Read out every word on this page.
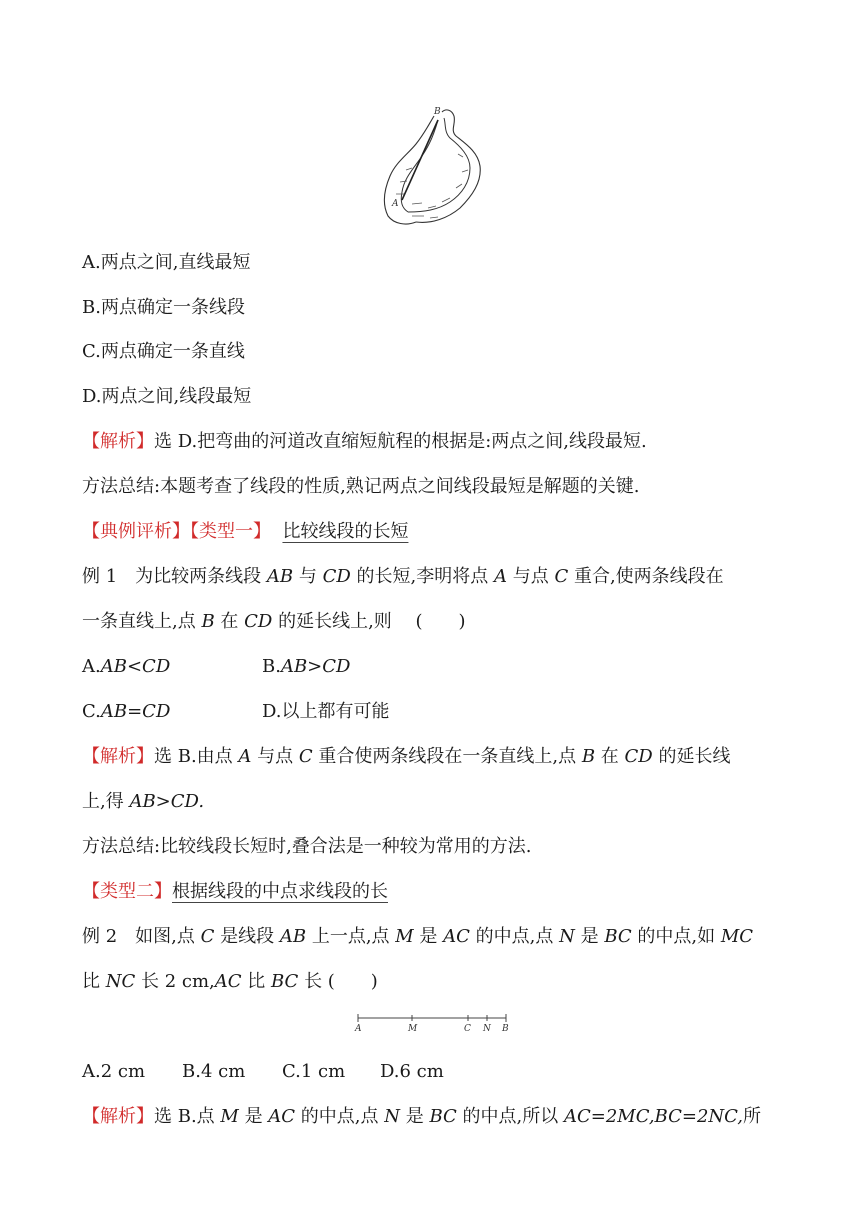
B
A
A.两点之间,直线最短
B.两点确定一条线段
C.两点确定一条直线
D.两点之间,线段最短
【解析】选 D.把弯曲的河道改直缩短航程的根据是:两点之间,线段最短.
方法总结:本题考查了线段的性质,熟记两点之间线段最短是解题的关键.
【典例评析】【类型一】 比较线段的长短
例 1　为比较两条线段 AB 与 CD 的长短,李明将点 A 与点 C 重合,使两条线段在
一条直线上,点 B 在 CD 的延长线上,则　 (　　)
A.AB<CD	B.AB>CD
C.AB=CD	D.以上都有可能
【解析】选 B.由点 A 与点 C 重合使两条线段在一条直线上,点 B 在 CD 的延长线
上,得 AB>CD.
方法总结:比较线段长短时,叠合法是一种较为常用的方法.
【类型二】根据线段的中点求线段的长
例 2　如图,点 C 是线段 AB 上一点,点 M 是 AC 的中点,点 N 是 BC 的中点,如 MC
比 NC 长 2 cm,AC 比 BC 长 (　　)
A	M	C N B
A.2 cm B.4 cm C.1 cm D.6 cm
【解析】选 B.点 M 是 AC 的中点,点 N 是 BC 的中点,所以 AC=2MC,BC=2NC,所
